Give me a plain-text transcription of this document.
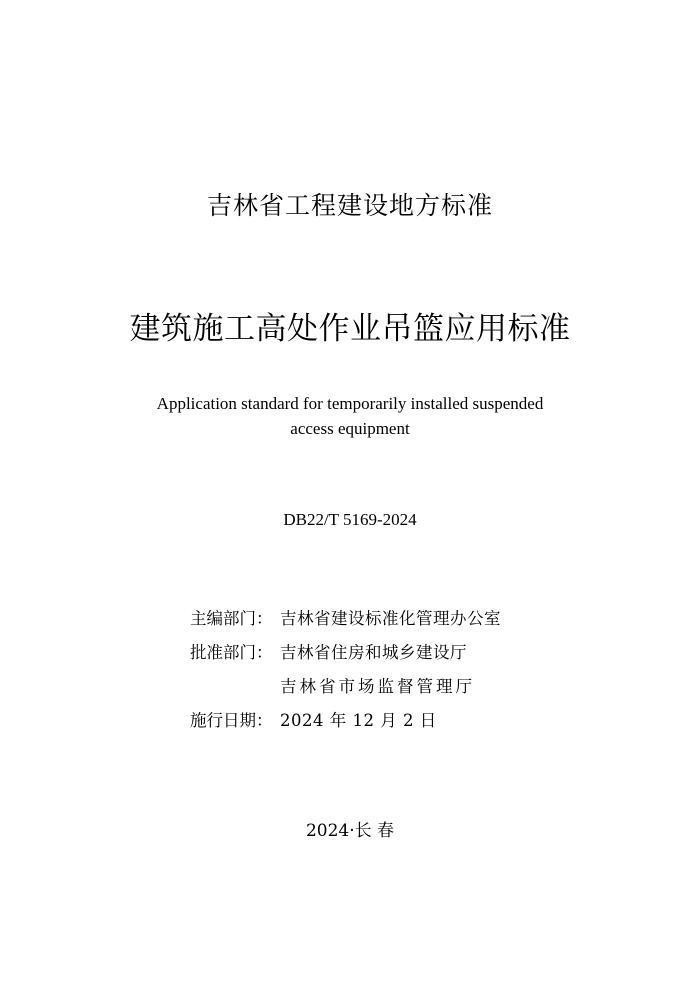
吉林省工程建设地方标准
建筑施工高处作业吊篮应用标准
Application standard for temporarily installed suspended
access equipment
DB22/T 5169-2024
主编部门： 吉林省建设标准化管理办公室
批准部门： 吉林省住房和城乡建设厅
吉林省市场监督管理厅
施行日期： 2024 年 12 月 2 日
2024·长 春
